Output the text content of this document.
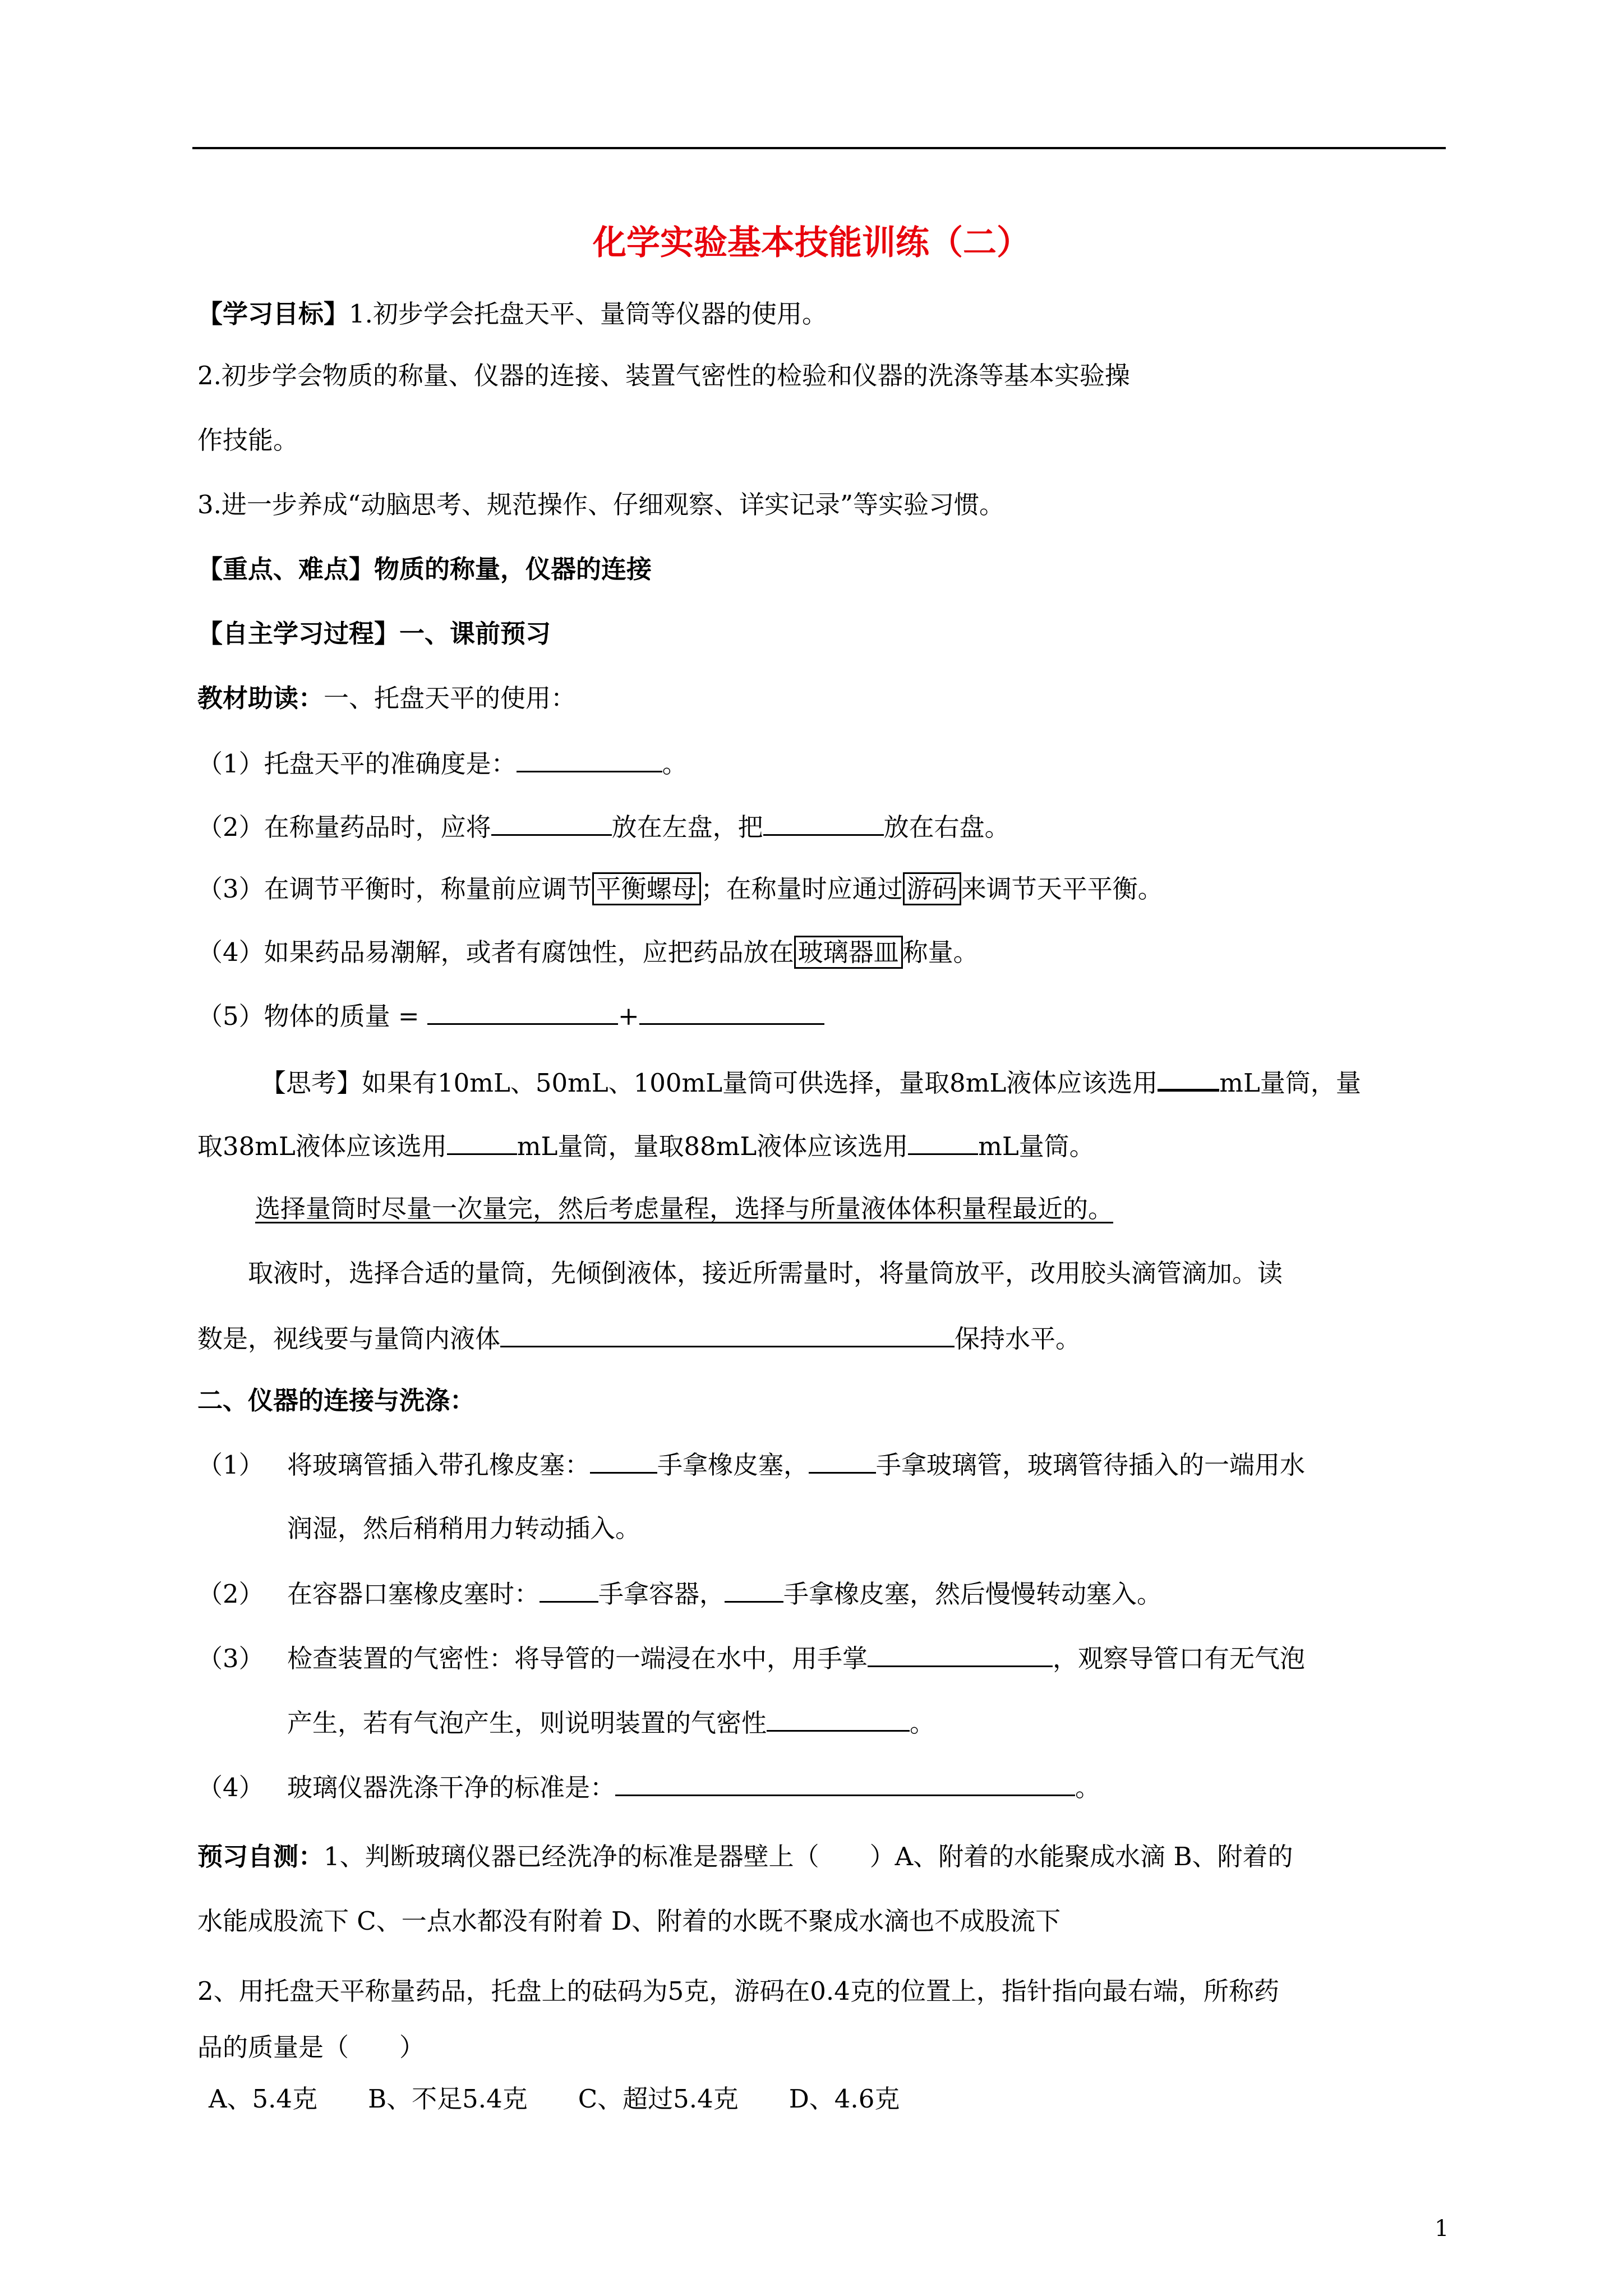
化学实验基本技能训练（二）
【学习目标】1.初步学会托盘天平、量筒等仪器的使用。
2.初步学会物质的称量、仪器的连接、装置气密性的检验和仪器的洗涤等基本实验操
作技能。
3.进一步养成“动脑思考、规范操作、仔细观察、详实记录”等实验习惯。
【重点、难点】物质的称量，仪器的连接
【自主学习过程】一、课前预习
教材助读：一、托盘天平的使用：
（1）托盘天平的准确度是：	。
（2）在称量药品时，应将	放在左盘，把	放在右盘。
（3）在调节平衡时，称量前应调节 平衡螺母 ；在称量时应通过 游码 来调节天平平衡。
（4）如果药品易潮解，或者有腐蚀性，应把药品放在 玻璃器皿 称量。
（5）物体的质量 =	+
【思考】如果有10mL、50mL、100mL量筒可供选择，量取8mL液体应该选用 mL量筒，量
取38mL液体应该选用	mL量筒，量取88mL液体应该选用	mL量筒。
选择量筒时尽量一次量完，然后考虑量程，选择与所量液体体积量程最近的。
取液时，选择合适的量筒，先倾倒液体，接近所需量时，将量筒放平，改用胶头滴管滴加。读
数是，视线要与量筒内液体	保持水平。
二、仪器的连接与洗涤：
（1） 将玻璃管插入带孔橡皮塞：	手拿橡皮塞，	手拿玻璃管，玻璃管待插入的一端用水
润湿，然后稍稍用力转动插入。
（2） 在容器口塞橡皮塞时： 手拿容器， 手拿橡皮塞，然后慢慢转动塞入。
（3） 检查装置的气密性：将导管的一端浸在水中，用手掌	，观察导管口有无气泡
产生，若有气泡产生，则说明装置的气密性	。
（4） 玻璃仪器洗涤干净的标准是：	。
预习自测：1、判断玻璃仪器已经洗净的标准是器壁上（　　）A、附着的水能聚成水滴 B、附着的
水能成股流下 C、一点水都没有附着 D、附着的水既不聚成水滴也不成股流下
2、用托盘天平称量药品，托盘上的砝码为5克，游码在0.4克的位置上，指针指向最右端，所称药
品的质量是（　　）
A、5.4克　　B、不足5.4克　　C、超过5.4克　　D、4.6克
1
